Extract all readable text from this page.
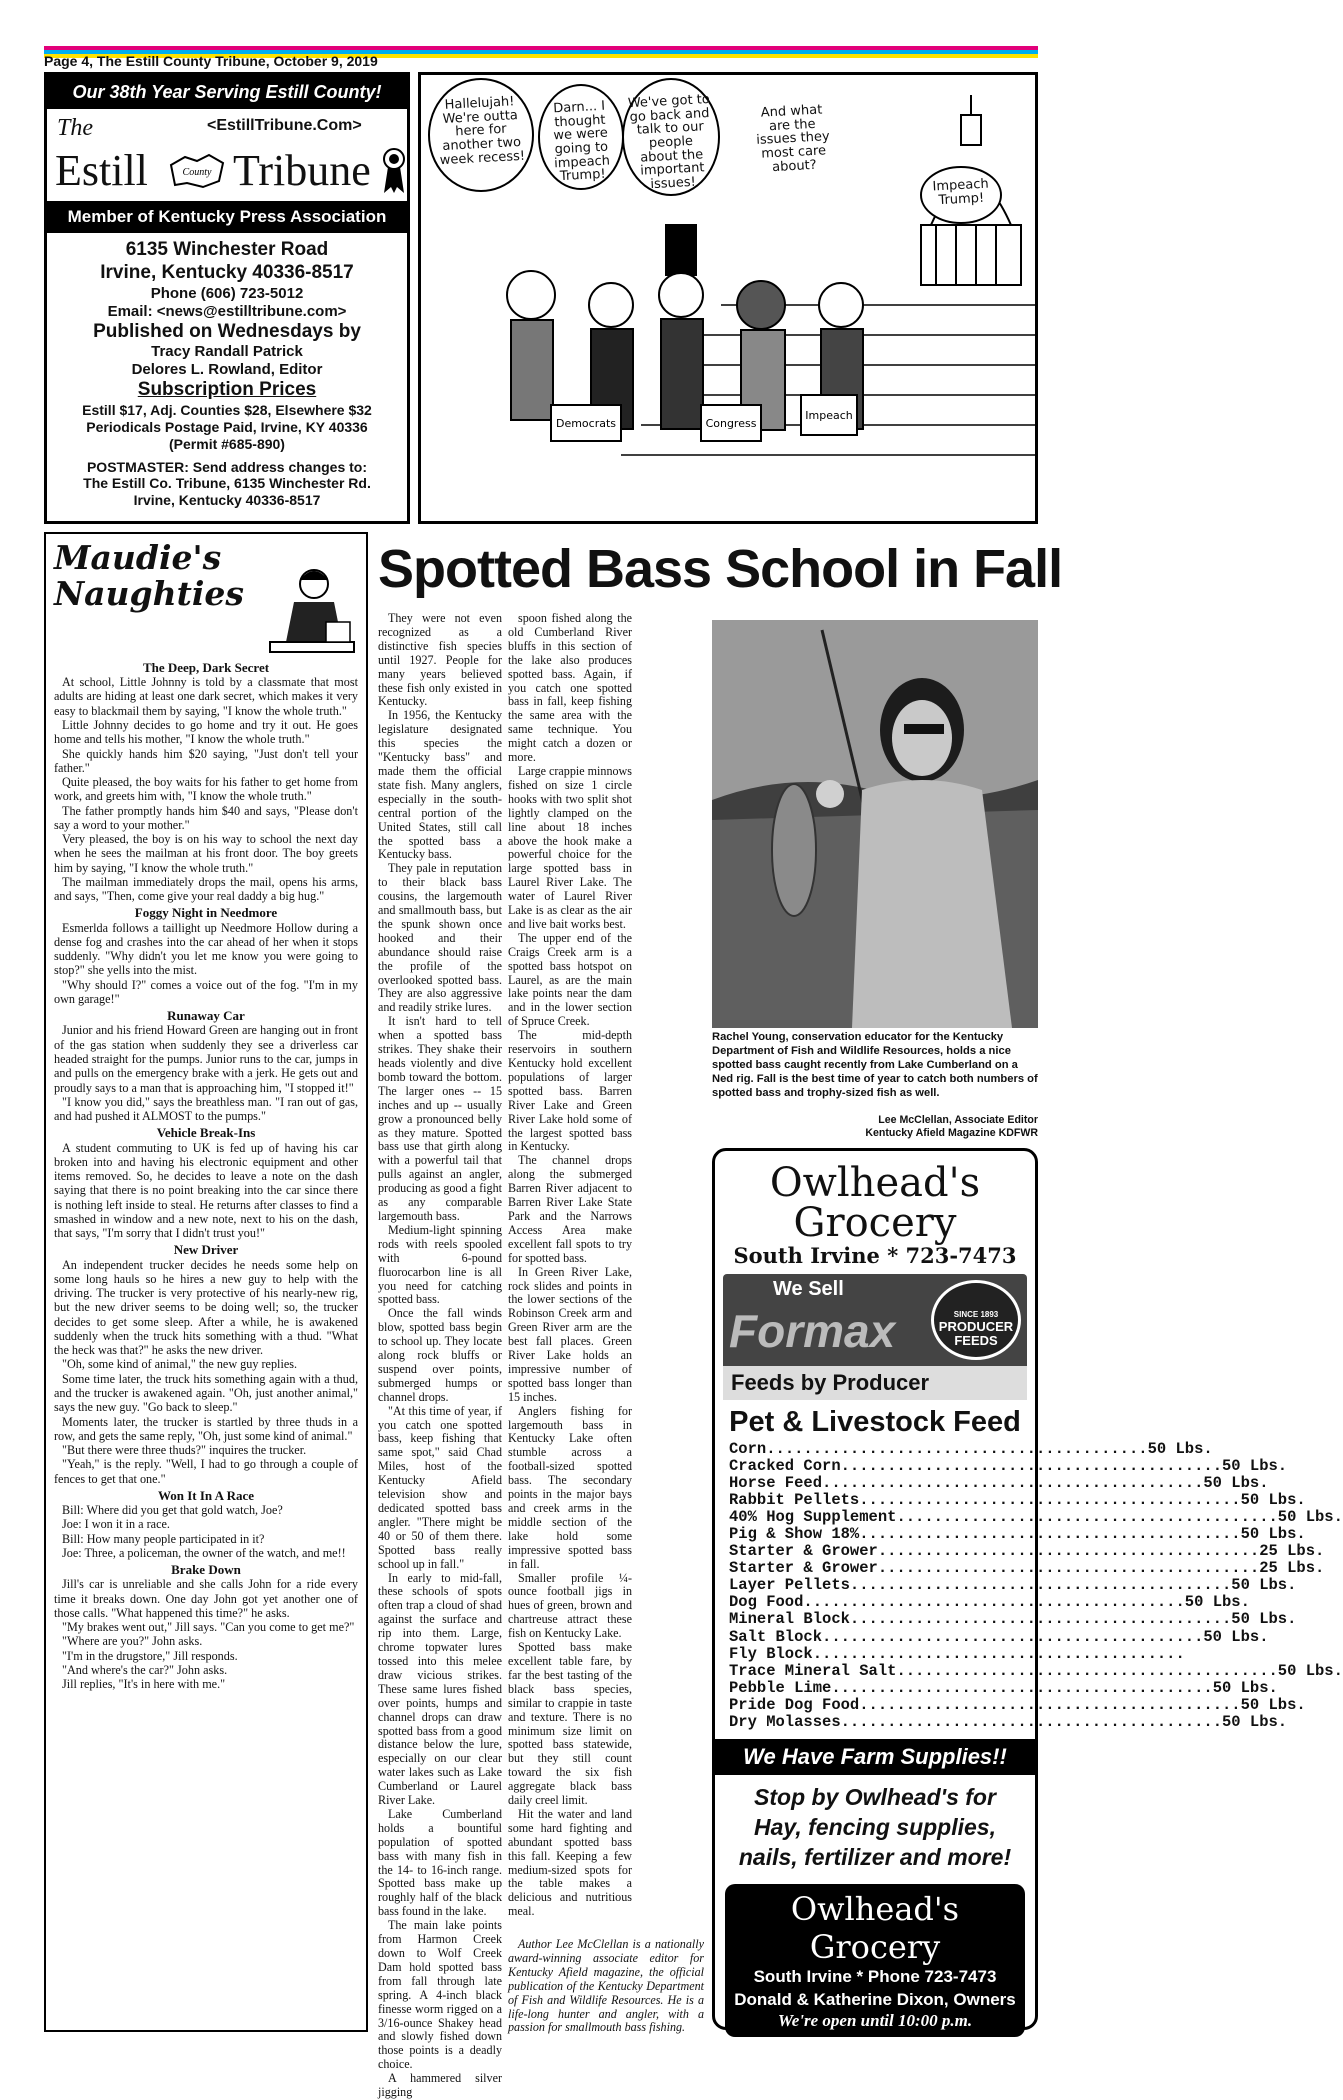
Page 4, The Estill County Tribune, October 9, 2019
Our 38th Year Serving Estill County!
The	<EstillTribune.Com>
Estill	County Tribune
Member of Kentucky Press Association
6135 Winchester Road
Irvine, Kentucky 40336-8517
Phone (606) 723-5012
Email: <news@estilltribune.com>
Published on Wednesdays by
Tracy Randall Patrick
Delores L. Rowland, Editor
Subscription Prices
Estill $17, Adj. Counties $28, Elsewhere $32
Periodicals Postage Paid, Irvine, KY 40336
(Permit #685-890)
POSTMASTER: Send address changes to:
The Estill Co. Tribune, 6135 Winchester Rd.
Irvine, Kentucky 40336-8517
Democrats	Congress
Impeach
Hallelujah! We're outta here for another two week recess!
Darn... I thought we were going to impeach Trump!
We've got to go back and talk to our people about the important issues!
And what are the issues they most care about?
Impeach Trump!
Maudie's
Naughties
The Deep, Dark Secret

At school, Little Johnny is told by a classmate that most adults are hiding at least one dark secret, which makes it very easy to blackmail them by saying, "I know the whole truth."

Little Johnny decides to go home and try it out. He goes home and tells his mother, "I know the whole truth."

She quickly hands him $20 saying, "Just don't tell your father."

Quite pleased, the boy waits for his father to get home from work, and greets him with, "I know the whole truth."

The father promptly hands him $40 and says, "Please don't say a word to your mother."

Very pleased, the boy is on his way to school the next day when he sees the mailman at his front door. The boy greets him by saying, "I know the whole truth."

The mailman immediately drops the mail, opens his arms, and says, "Then, come give your real daddy a big hug."

Foggy Night in Needmore

Esmerlda follows a taillight up Needmore Hollow during a dense fog and crashes into the car ahead of her when it stops suddenly. "Why didn't you let me know you were going to stop?" she yells into the mist.

"Why should I?" comes a voice out of the fog. "I'm in my own garage!"

Runaway Car

Junior and his friend Howard Green are hanging out in front of the gas station when suddenly they see a driverless car headed straight for the pumps. Junior runs to the car, jumps in and pulls on the emergency brake with a jerk. He gets out and proudly says to a man that is approaching him, "I stopped it!"

"I know you did," says the breathless man. "I ran out of gas, and had pushed it ALMOST to the pumps."

Vehicle Break-Ins

A student commuting to UK is fed up of having his car broken into and having his electronic equipment and other items removed. So, he decides to leave a note on the dash saying that there is no point breaking into the car since there is nothing left inside to steal. He returns after classes to find a smashed in window and a new note, next to his on the dash, that says, "I'm sorry that I didn't trust you!"

New Driver

An independent trucker decides he needs some help on some long hauls so he hires a new guy to help with the driving. The trucker is very protective of his nearly-new rig, but the new driver seems to be doing well; so, the trucker decides to get some sleep. After a while, he is awakened suddenly when the truck hits something with a thud. "What the heck was that?" he asks the new driver.

"Oh, some kind of animal," the new guy replies.

Some time later, the truck hits something again with a thud, and the trucker is awakened again. "Oh, just another animal," says the new guy. "Go back to sleep."

Moments later, the trucker is startled by three thuds in a row, and gets the same reply, "Oh, just some kind of animal."

"But there were three thuds?" inquires the trucker.

"Yeah," is the reply. "Well, I had to go through a couple of fences to get that one."

Won It In A Race

Bill: Where did you get that gold watch, Joe?

Joe: I won it in a race.

Bill: How many people participated in it?

Joe: Three, a policeman, the owner of the watch, and me!!

Brake Down

Jill's car is unreliable and she calls John for a ride every time it breaks down. One day John got yet another one of those calls. "What happened this time?" he asks.

"My brakes went out," Jill says. "Can you come to get me?"

"Where are you?" John asks.

"I'm in the drugstore," Jill responds.

"And where's the car?" John asks.

Jill replies, "It's in here with me."

Spotted Bass School in Fall

They were not even recognized as a distinctive fish species until 1927. People for many years believed these fish only existed in Kentucky.

In 1956, the Kentucky legislature designated this species the "Kentucky bass" and made them the official state fish. Many anglers, especially in the south-central portion of the United States, still call the spotted bass a Kentucky bass.

They pale in reputation to their black bass cousins, the largemouth and smallmouth bass, but the spunk shown once hooked and their abundance should raise the profile of the overlooked spotted bass. They are also aggressive and readily strike lures.

It isn't hard to tell when a spotted bass strikes. They shake their heads violently and dive bomb toward the bottom. The larger ones -- 15 inches and up -- usually grow a pronounced belly as they mature. Spotted bass use that girth along with a powerful tail that pulls against an angler, producing as good a fight as any comparable largemouth bass.

Medium-light spinning rods with reels spooled with 6-pound fluorocarbon line is all you need for catching spotted bass.

Once the fall winds blow, spotted bass begin to school up. They locate along rock bluffs or suspend over points, submerged humps or channel drops.

"At this time of year, if you catch one spotted bass, keep fishing that same spot," said Chad Miles, host of the Kentucky Afield television show and dedicated spotted bass angler. "There might be 40 or 50 of them there. Spotted bass really school up in fall."

In early to mid-fall, these schools of spots often trap a cloud of shad against the surface and rip into them. Large, chrome topwater lures tossed into this melee draw vicious strikes. These same lures fished over points, humps and channel drops can draw spotted bass from a good distance below the lure, especially on our clear water lakes such as Lake Cumberland or Laurel River Lake.

Lake Cumberland holds a bountiful population of spotted bass with many fish in the 14- to 16-inch range. Spotted bass make up roughly half of the black bass found in the lake.

The main lake points from Harmon Creek down to Wolf Creek Dam hold spotted bass from fall through late spring. A 4-inch black finesse worm rigged on a 3/16-ounce Shakey head and slowly fished down those points is a deadly choice.

A hammered silver jigging

spoon fished along the old Cumberland River bluffs in this section of the lake also produces spotted bass. Again, if you catch one spotted bass in fall, keep fishing the same area with the same technique. You might catch a dozen or more.

Large crappie minnows fished on size 1 circle hooks with two split shot lightly clamped on the line about 18 inches above the hook make a powerful choice for the large spotted bass in Laurel River Lake. The water of Laurel River Lake is as clear as the air and live bait works best.

The upper end of the Craigs Creek arm is a spotted bass hotspot on Laurel, as are the main lake points near the dam and in the lower section of Spruce Creek.

The mid-depth reservoirs in southern Kentucky hold excellent populations of larger spotted bass. Barren River Lake and Green River Lake hold some of the largest spotted bass in Kentucky.

The channel drops along the submerged Barren River adjacent to Barren River Lake State Park and the Narrows Access Area make excellent fall spots to try for spotted bass.

In Green River Lake, rock slides and points in the lower sections of the Robinson Creek arm and Green River arm are the best fall places. Green River Lake holds an impressive number of spotted bass longer than 15 inches.

Anglers fishing for largemouth bass in Kentucky Lake often stumble across a football-sized spotted bass. The secondary points in the major bays and creek arms in the middle section of the lake hold some impressive spotted bass in fall.

Smaller profile ¼-ounce football jigs in hues of green, brown and chartreuse attract these fish on Kentucky Lake.

Spotted bass make excellent table fare, by far the best tasting of the black bass species, similar to crappie in taste and texture. There is no minimum size limit on spotted bass statewide, but they still count toward the six fish aggregate black bass daily creel limit.

Hit the water and land some hard fighting and abundant spotted bass this fall. Keeping a few medium-sized spots for the table makes a delicious and nutritious meal.

Author Lee McClellan is a nationally award-winning associate editor for Kentucky Afield magazine, the official publication of the Kentucky Department of Fish and Wildlife Resources. He is a life-long hunter and angler, with a passion for smallmouth bass fishing.

Rachel Young, conservation educator for the Kentucky Department of Fish and Wildlife Resources, holds a nice spotted bass caught recently from Lake Cumberland on a Ned rig. Fall is the best time of year to catch both numbers of spotted bass and trophy-sized fish as well.
Lee McClellan, Associate Editor
Kentucky Afield Magazine KDFWR
Owlhead's Grocery
South Irvine * 723-7473
We Sell
Formax	SINCE 1893
PRODUCER
FEEDS
Feeds by Producer
Pet & Livestock Feed
Corn ........................................ .50 Lbs.
Cracked Corn ........................................ .50 Lbs.
Horse Feed ........................................ .50 Lbs.
Rabbit Pellets ........................................ .50 Lbs.
40% Hog Supplement ........................................ .50 Lbs.
Pig & Show 18% ........................................ .50 Lbs.
Starter & Grower ........................................ .25 Lbs.
Starter & Grower ........................................ .25 Lbs.
Layer Pellets ........................................ .50 Lbs.
Dog Food ........................................ .50 Lbs.
Mineral Block ........................................ .50 Lbs.
Salt Block ........................................ .50 Lbs.
Fly Block ........................................
Trace Mineral Salt ........................................ .50 Lbs.
Pebble Lime ........................................ .50 Lbs.
Pride Dog Food ........................................ .50 Lbs.
Dry Molasses ........................................ .50 Lbs.
We Have Farm Supplies!!
Stop by Owlhead's for
Hay, fencing supplies,
nails, fertilizer and more!
Owlhead's Grocery
South Irvine * Phone 723-7473
Donald & Katherine Dixon, Owners
We're open until 10:00 p.m.
